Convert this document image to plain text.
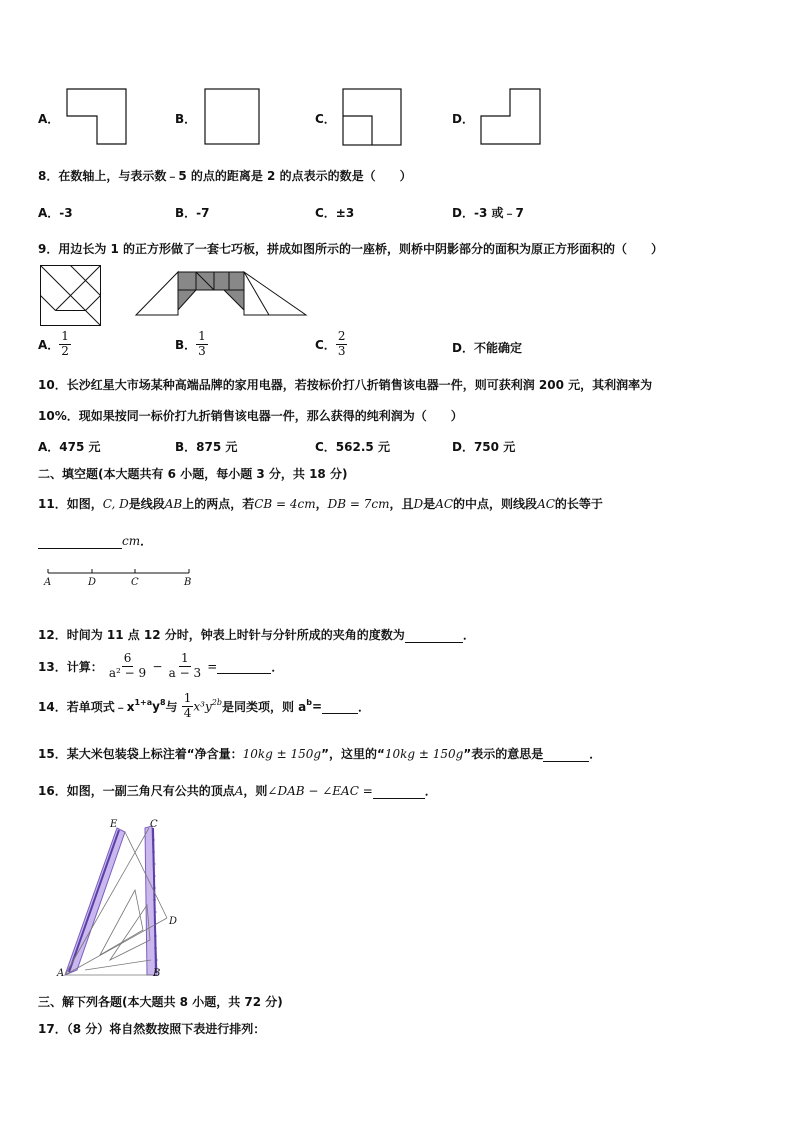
A．	B．	C．	D．
8．在数轴上，与表示数﹣5 的点的距离是 2 的点表示的数是（　　）
A．-3	B．-7	C．±3	D．-3 或﹣7
9．用边长为 1 的正方形做了一套七巧板，拼成如图所示的一座桥，则桥中阴影部分的面积为原正方形面积的（　　）
A． $\frac{1}{2}$	B． $\frac{1}{3}$	C． $\frac{2}{3}$	D．不能确定
10．长沙红星大市场某种高端品牌的家用电器，若按标价打八折销售该电器一件，则可获利润 200 元，其利润率为
10%．现如果按同一标价打九折销售该电器一件，那么获得的纯利润为（　　）
A．475 元	B．875 元	C．562.5 元	D．750 元
二、填空题(本大题共有 6 小题，每小题 3 分，共 18 分)
11．如图，C, D是线段AB上的两点，若CB = 4cm，DB = 7cm，且D是AC的中点，则线段AC的长等于
cm．
A	D	C	B
12．时间为 11 点 12 分时，钟表上时针与分针所成的夹角的度数为	．
13．计算： $\frac{6}{\text{a² − 9}} - \frac{1}{a - 3}$ =	．
14．若单项式$﹣x^{1+a}y^8$与 $\frac{1}{4} x^3y^{2b}$是同类项，则 $a^b=$	．
15．某大米包装袋上标注着“净含量：10kg ± 150g”，这里的“10kg ± 150g”表示的意思是	．
16．如图，一副三角尺有公共的顶点A，则∠DAB − ∠EAC =	．
E	C
D
A	B
三、解下列各题(本大题共 8 小题，共 72 分)
17．（8 分）将自然数按照下表进行排列：
